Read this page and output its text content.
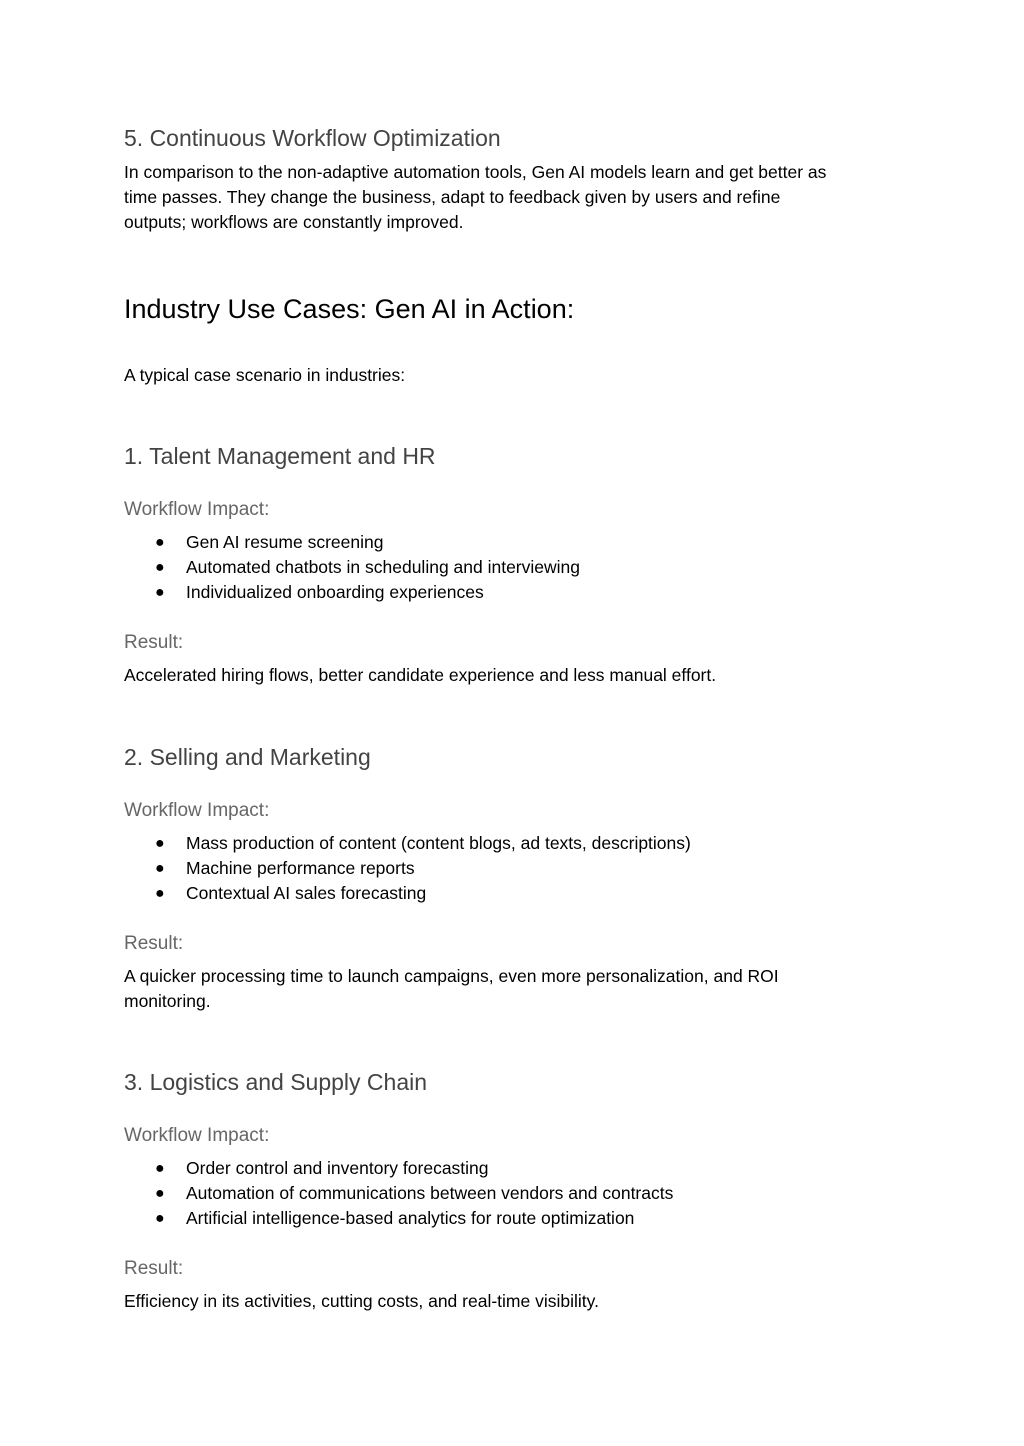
5. Continuous Workflow Optimization
In comparison to the non-adaptive automation tools, Gen AI models learn and get better as
time passes. They change the business, adapt to feedback given by users and refine
outputs; workflows are constantly improved.
Industry Use Cases: Gen AI in Action:
A typical case scenario in industries:
1. Talent Management and HR
Workflow Impact:
● Gen AI resume screening
● Automated chatbots in scheduling and interviewing
● Individualized onboarding experiences
Result:
Accelerated hiring flows, better candidate experience and less manual effort.
2. Selling and Marketing
Workflow Impact:
● Mass production of content (content blogs, ad texts, descriptions)
● Machine performance reports
● Contextual AI sales forecasting
Result:
A quicker processing time to launch campaigns, even more personalization, and ROI
monitoring.
3. Logistics and Supply Chain
Workflow Impact:
● Order control and inventory forecasting
● Automation of communications between vendors and contracts
● Artificial intelligence-based analytics for route optimization
Result:
Efficiency in its activities, cutting costs, and real-time visibility.
